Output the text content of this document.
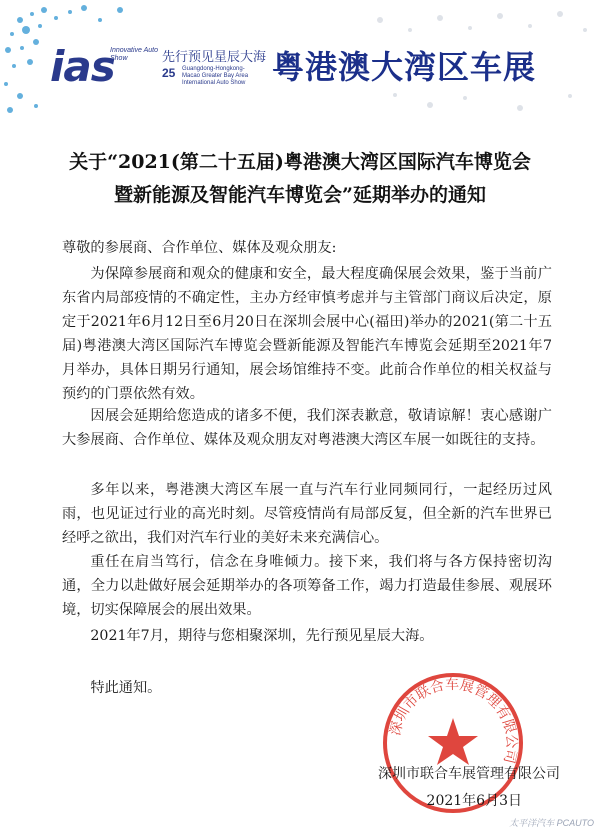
ias
Innovative Auto Show	先行预见星辰大海
25 Guangdong-Hongkong-Macao Greater Bay Area International Auto Show 粤港澳大湾区车展
关于“2021(第二十五届)粤港澳大湾区国际汽车博览会
暨新能源及智能汽车博览会”延期举办的通知
尊敬的参展商、合作单位、媒体及观众朋友:
为保障参展商和观众的健康和安全，最大程度确保展会效果，鉴于当前广东省内局部疫情的不确定性，主办方经审慎考虑并与主管部门商议后决定，原定于2021年6月12日至6月20日在深圳会展中心(福田)举办的2021(第二十五届)粤港澳大湾区国际汽车博览会暨新能源及智能汽车博览会延期至2021年7月举办，具体日期另行通知，展会场馆维持不变。此前合作单位的相关权益与预约的门票依然有效。
因展会延期给您造成的诸多不便，我们深表歉意，敬请谅解！衷心感谢广大参展商、合作单位、媒体及观众朋友对粤港澳大湾区车展一如既往的支持。
多年以来，粤港澳大湾区车展一直与汽车行业同频同行，一起经历过风雨，也见证过行业的高光时刻。尽管疫情尚有局部反复，但全新的汽车世界已经呼之欲出，我们对汽车行业的美好未来充满信心。
重任在肩当笃行，信念在身唯倾力。接下来，我们将与各方保持密切沟通，全力以赴做好展会延期举办的各项筹备工作，竭力打造最佳参展、观展环境，切实保障展会的展出效果。
2021年7月，期待与您相聚深圳，先行预见星辰大海。
特此通知。
深圳市联合车展管理有限公司
深圳市联合车展管理有限公司
2021年6月3日
太平洋汽车 PCAUTO
